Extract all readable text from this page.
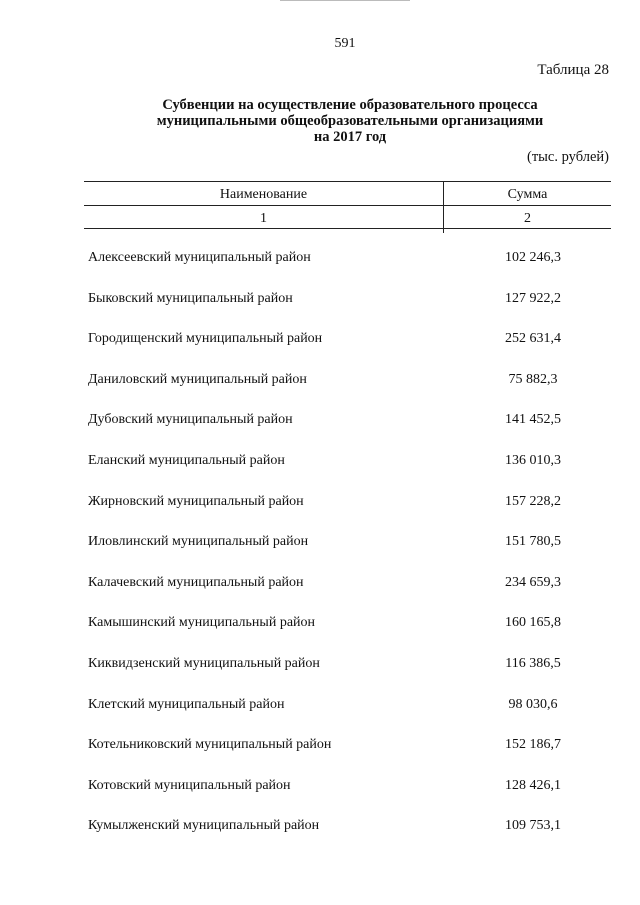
591
Таблица 28
Субвенции на осуществление образовательного процесса
муниципальными общеобразовательными организациями
на 2017 год
(тыс. рублей)
Наименование	Сумма
1	2
Алексеевский муниципальный район	102 246,3
Быковский муниципальный район	127 922,2
Городищенский муниципальный район	252 631,4
Даниловский муниципальный район	75 882,3
Дубовский муниципальный район	141 452,5
Еланский муниципальный район	136 010,3
Жирновский муниципальный район	157 228,2
Иловлинский муниципальный район	151 780,5
Калачевский муниципальный район	234 659,3
Камышинский муниципальный район	160 165,8
Киквидзенский муниципальный район	116 386,5
Клетский муниципальный район	98 030,6
Котельниковский муниципальный район	152 186,7
Котовский муниципальный район	128 426,1
Кумылженский муниципальный район	109 753,1
